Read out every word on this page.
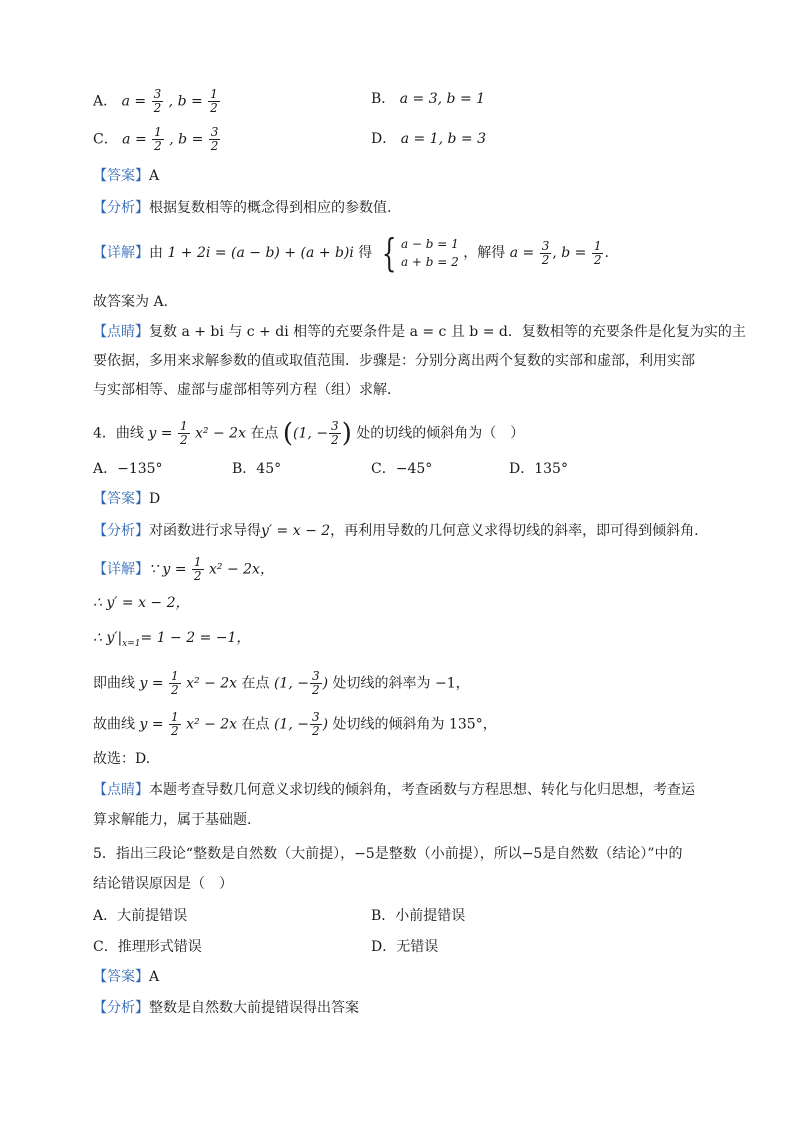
A． $a = \frac{3}{2}$ , $b = \frac{1}{2}$	B． a = 3, b = 1
C． $a = \frac{1}{2}$ , $b = \frac{3}{2}$	D． a = 1, b = 3
【答案】A
【分析】根据复数相等的概念得到相应的参数值.
【详解】由 1 + 2i = (a − b) + (a + b)i 得 { a − b = 1
a + b = 2
，解得 $a = \frac{3}{2}$ , $b = \frac{1}{2}$ .
故答案为 A.
【点睛】复数 a + bi 与 c + di 相等的充要条件是 a = c 且 b = d．复数相等的充要条件是化复为实的主
要依据，多用来求解参数的值或取值范围．步骤是：分别分离出两个复数的实部和虚部，利用实部
与实部相等、虚部与虚部相等列方程（组）求解．
4．曲线 $y = \frac{1}{2} x^2 - 2x$ 在点 ((1, − $\frac{3}{2}$ ) 处的切线的倾斜角为（　）
A．−135°	B．45°	C．−45°	D．135°
【答案】D
【分析】对函数进行求导得y′ = x − 2，再利用导数的几何意义求得切线的斜率，即可得到倾斜角.
【详解】∵ $y = \frac{1}{2} x^2 - 2x$，
∴ y′ = x − 2，
∴ $y'|_{x=1}= 1 - 2 = -1$，
即曲线 $y = \frac{1}{2} x^2 - 2x$ 在点 (1, − $\frac{3}{2}$ ) 处切线的斜率为 −1，
故曲线 $y = \frac{1}{2} x^2 - 2x$ 在点 (1, − $\frac{3}{2}$ ) 处切线的倾斜角为 135°，
故选：D.
【点睛】本题考查导数几何意义求切线的倾斜角，考查函数与方程思想、转化与化归思想，考查运
算求解能力，属于基础题.
5．指出三段论“整数是自然数（大前提），−5是整数（小前提），所以−5是自然数（结论）”中的
结论错误原因是（　）
A．大前提错误	B．小前提错误
C．推理形式错误	D．无错误
【答案】A
【分析】整数是自然数大前提错误得出答案
